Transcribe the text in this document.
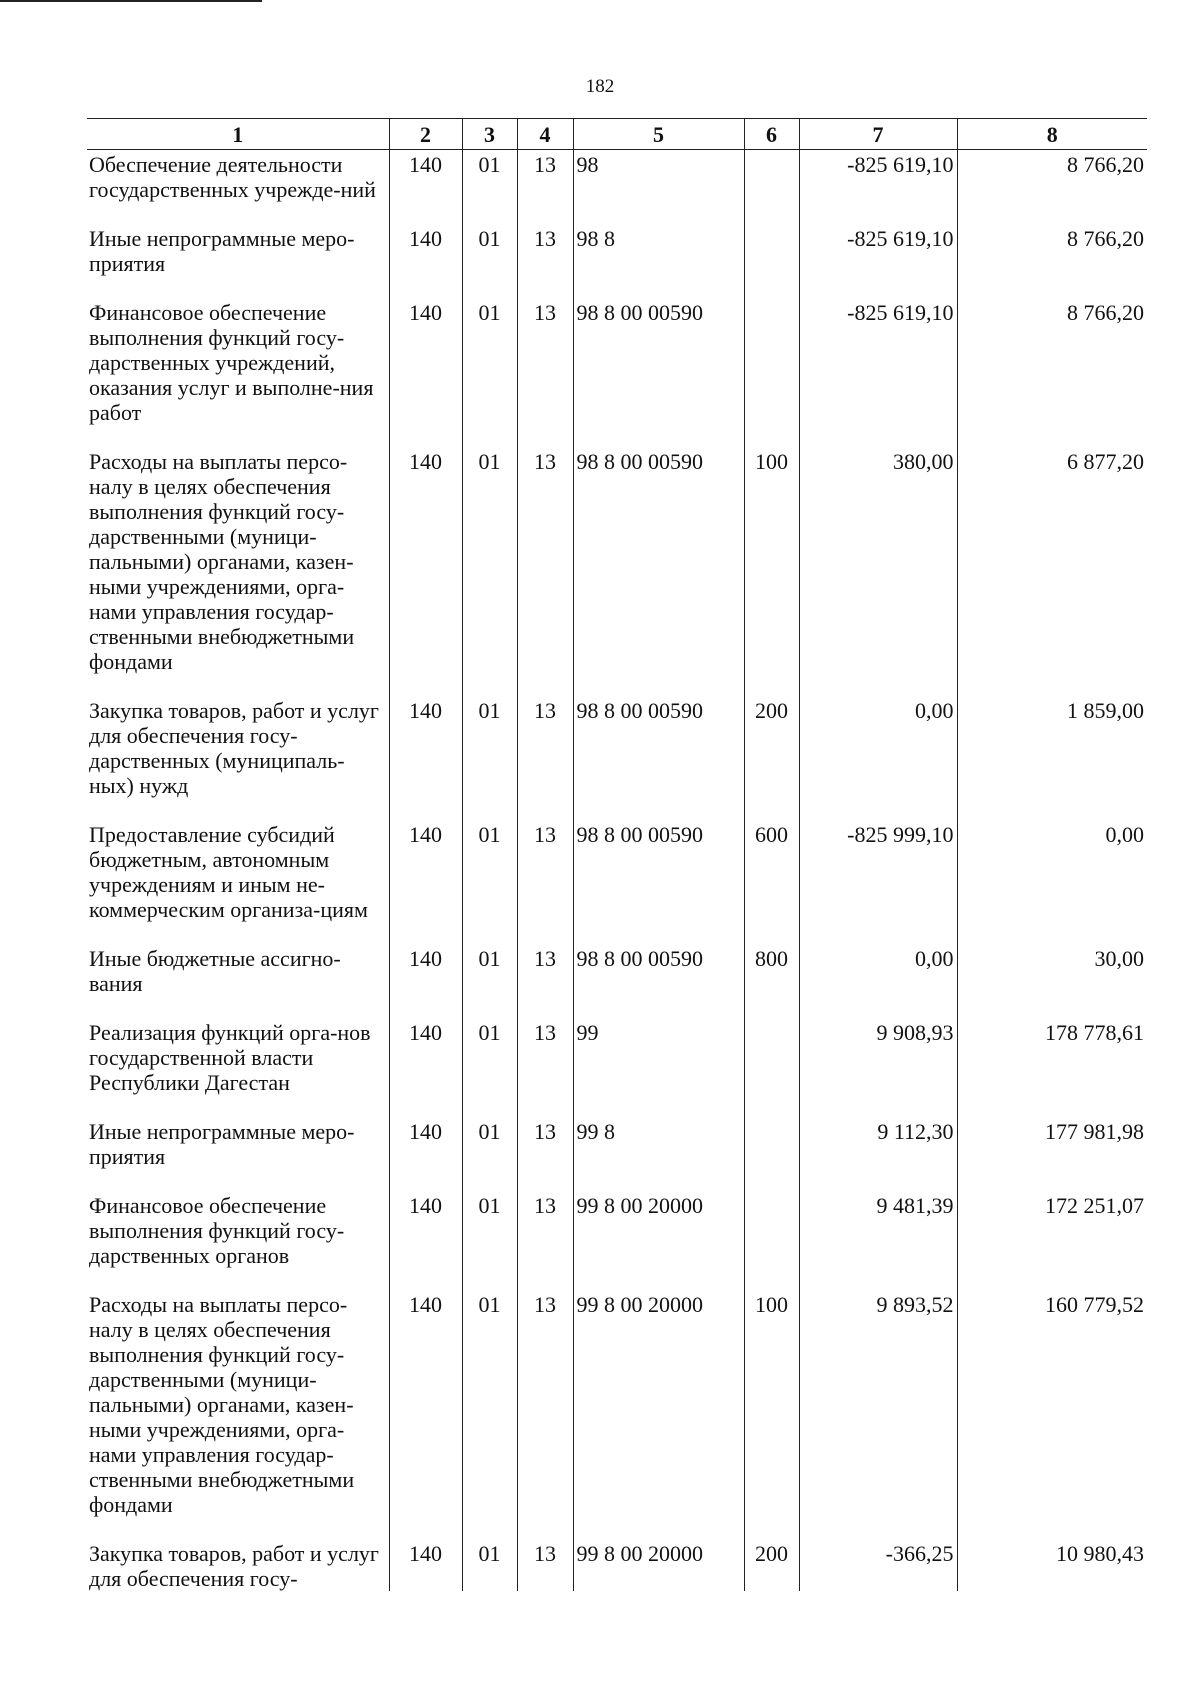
182
1	2	3	4	5	6	7	8
Обеспечение деятельности государственных учрежде-ний	140	01	13	98		-825 619,10	8 766,20

Иные непрограммные меро-приятия	140	01	13	98 8		-825 619,10	8 766,20

Финансовое обеспечение выполнения функций госу-дарственных учреждений, оказания услуг и выполне-ния работ	140	01	13	98 8 00 00590		-825 619,10	8 766,20

Расходы на выплаты персо-налу в целях обеспечения выполнения функций госу-дарственными (муници-пальными) органами, казен-ными учреждениями, орга-нами управления государ-ственными внебюджетными фондами	140	01	13	98 8 00 00590	100	380,00	6 877,20

Закупка товаров, работ и услуг для обеспечения госу-дарственных (муниципаль-ных) нужд	140	01	13	98 8 00 00590	200	0,00	1 859,00

Предоставление субсидий бюджетным, автономным учреждениям и иным не-коммерческим организа-циям	140	01	13	98 8 00 00590	600	-825 999,10	0,00

Иные бюджетные ассигно-вания	140	01	13	98 8 00 00590	800	0,00	30,00

Реализация функций орга-нов государственной власти Республики Дагестан	140	01	13	99		9 908,93	178 778,61

Иные непрограммные меро-приятия	140	01	13	99 8		9 112,30	177 981,98

Финансовое обеспечение выполнения функций госу-дарственных органов	140	01	13	99 8 00 20000		9 481,39	172 251,07

Расходы на выплаты персо-налу в целях обеспечения выполнения функций госу-дарственными (муници-пальными) органами, казен-ными учреждениями, орга-нами управления государ-ственными внебюджетными фондами	140	01	13	99 8 00 20000	100	9 893,52	160 779,52

Закупка товаров, работ и услуг для обеспечения госу-	140	01	13	99 8 00 20000	200	-366,25	10 980,43
